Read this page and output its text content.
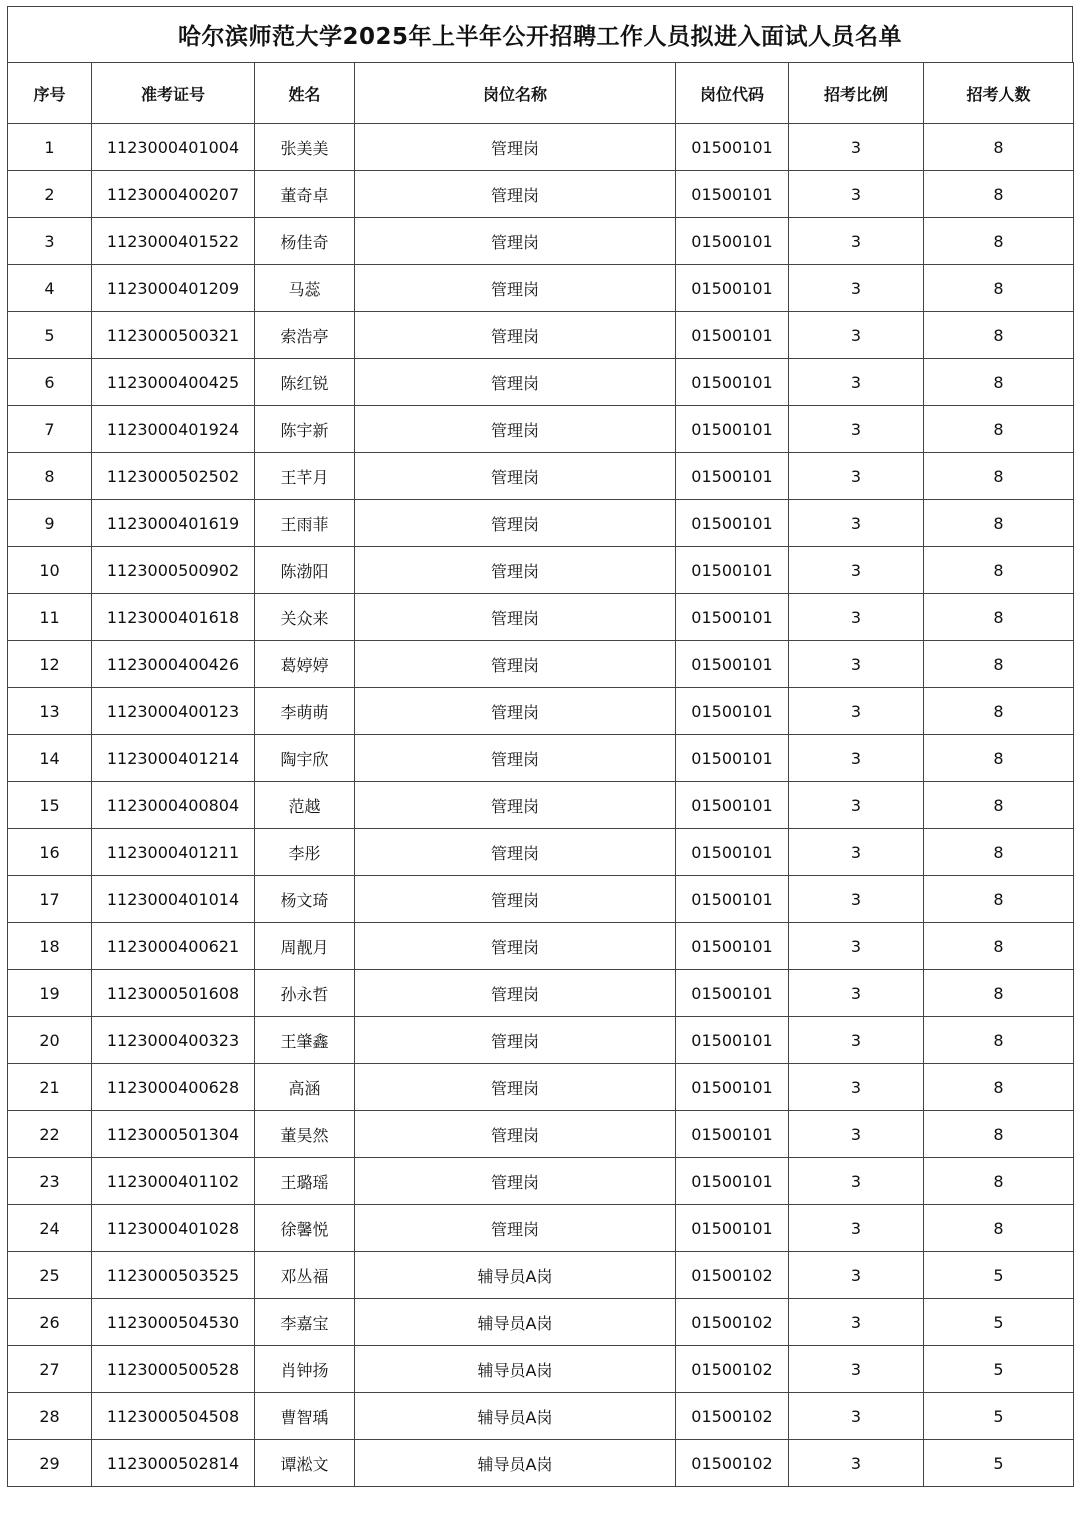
哈尔滨师范大学2025年上半年公开招聘工作人员拟进入面试人员名单
序号	准考证号	姓名	岗位名称	岗位代码	招考比例	招考人数
1	1123000401004	张美美	管理岗	01500101	3	8
2	1123000400207	董奇卓	管理岗	01500101	3	8
3	1123000401522	杨佳奇	管理岗	01500101	3	8
4	1123000401209	马蕊	管理岗	01500101	3	8
5	1123000500321	索浩亭	管理岗	01500101	3	8
6	1123000400425	陈红锐	管理岗	01500101	3	8
7	1123000401924	陈宇新	管理岗	01500101	3	8
8	1123000502502	王芊月	管理岗	01500101	3	8
9	1123000401619	王雨菲	管理岗	01500101	3	8
10	1123000500902	陈渤阳	管理岗	01500101	3	8
11	1123000401618	关众来	管理岗	01500101	3	8
12	1123000400426	葛婷婷	管理岗	01500101	3	8
13	1123000400123	李萌萌	管理岗	01500101	3	8
14	1123000401214	陶宇欣	管理岗	01500101	3	8
15	1123000400804	范越	管理岗	01500101	3	8
16	1123000401211	李彤	管理岗	01500101	3	8
17	1123000401014	杨文琦	管理岗	01500101	3	8
18	1123000400621	周靓月	管理岗	01500101	3	8
19	1123000501608	孙永哲	管理岗	01500101	3	8
20	1123000400323	王肇鑫	管理岗	01500101	3	8
21	1123000400628	高涵	管理岗	01500101	3	8
22	1123000501304	董昊然	管理岗	01500101	3	8
23	1123000401102	王璐瑶	管理岗	01500101	3	8
24	1123000401028	徐馨悦	管理岗	01500101	3	8
25	1123000503525	邓丛福	辅导员A岗	01500102	3	5
26	1123000504530	李嘉宝	辅导员A岗	01500102	3	5
27	1123000500528	肖钟扬	辅导员A岗	01500102	3	5
28	1123000504508	曹智瑀	辅导员A岗	01500102	3	5
29	1123000502814	谭淞文	辅导员A岗	01500102	3	5
